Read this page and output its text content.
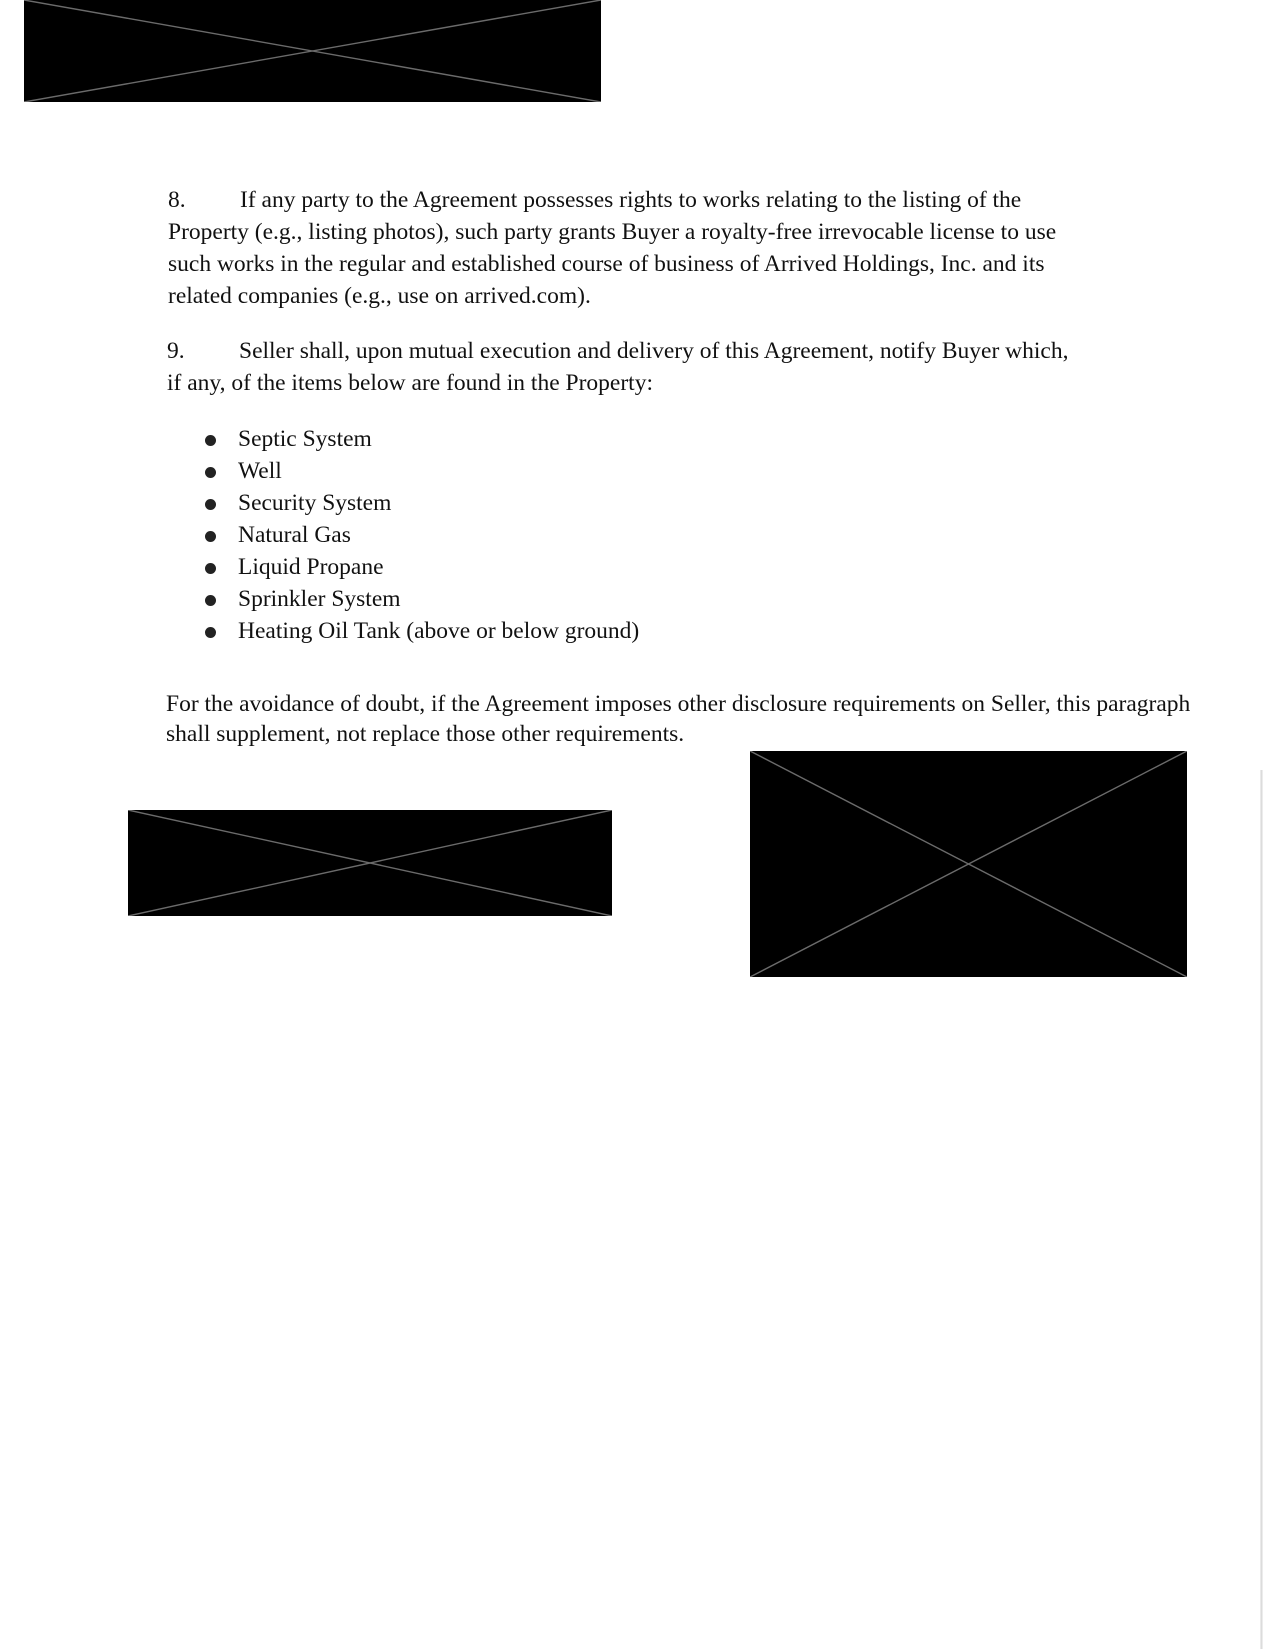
8. If any party to the Agreement possesses rights to works relating to the listing of the
Property (e.g., listing photos), such party grants Buyer a royalty-free irrevocable license to use
such works in the regular and established course of business of Arrived Holdings, Inc. and its
related companies (e.g., use on arrived.com).
9. Seller shall, upon mutual execution and delivery of this Agreement, notify Buyer which,
if any, of the items below are found in the Property:
Septic System
Well
Security System
Natural Gas
Liquid Propane
Sprinkler System
Heating Oil Tank (above or below ground)
For the avoidance of doubt, if the Agreement imposes other disclosure requirements on Seller, this paragraph
shall supplement, not replace those other requirements.
